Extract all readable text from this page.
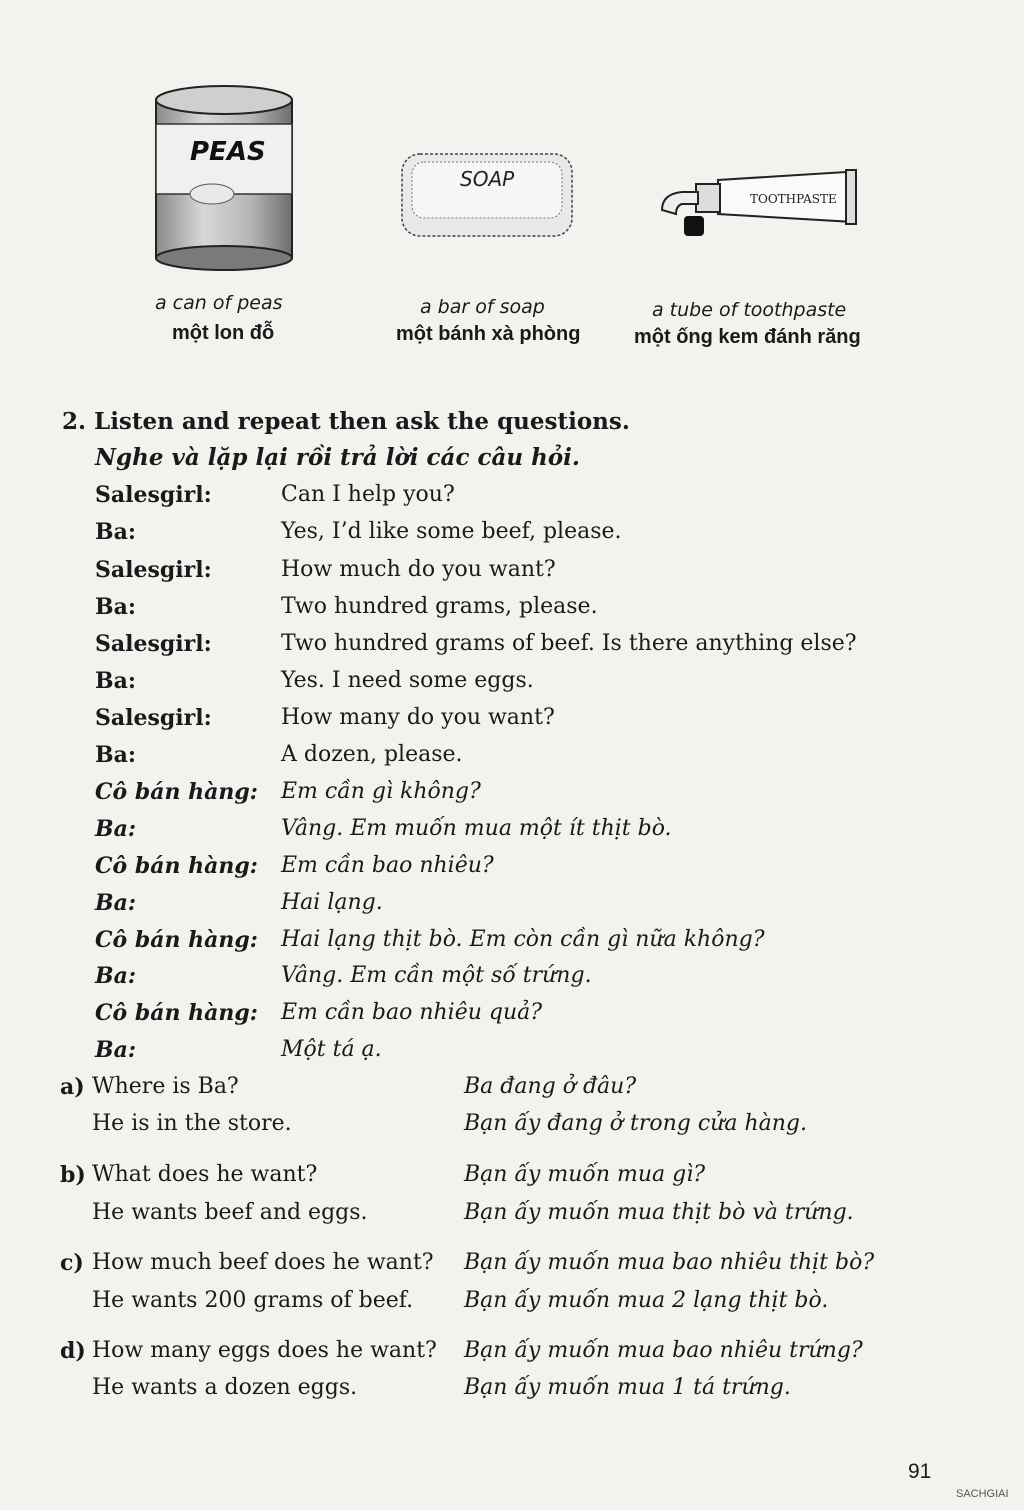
PEAS
SOAP
TOOTHPASTE
a can of peas
một lon đỗ
a bar of soap
một bánh xà phòng
a tube of toothpaste
một ống kem đánh răng
2. Listen and repeat then ask the questions.
Nghe và lặp lại rồi trả lời các câu hỏi.
Salesgirl:	Can I help you?
Ba:	Yes, I’d like some beef, please.
Salesgirl:	How much do you want?
Ba:	Two hundred grams, please.
Salesgirl:	Two hundred grams of beef. Is there anything else?
Ba:	Yes. I need some eggs.
Salesgirl:	How many do you want?
Ba:	A dozen, please.
Cô bán hàng: Em cần gì không?
Ba:	Vâng. Em muốn mua một ít thịt bò.
Cô bán hàng: Em cần bao nhiêu?
Ba:	Hai lạng.
Cô bán hàng: Hai lạng thịt bò. Em còn cần gì nữa không?
Ba:	Vâng. Em cần một số trứng.
Cô bán hàng: Em cần bao nhiêu quả?
Ba:	Một tá ạ.
a) Where is Ba?	Ba đang ở đâu?
He is in the store.	Bạn ấy đang ở trong cửa hàng.
b) What does he want?	Bạn ấy muốn mua gì?
He wants beef and eggs.	Bạn ấy muốn mua thịt bò và trứng.
c) How much beef does he want? Bạn ấy muốn mua bao nhiêu thịt bò?
He wants 200 grams of beef. Bạn ấy muốn mua 2 lạng thịt bò.
d) How many eggs does he want? Bạn ấy muốn mua bao nhiêu trứng?
He wants a dozen eggs.	Bạn ấy muốn mua 1 tá trứng.
91
SACHGIAI
